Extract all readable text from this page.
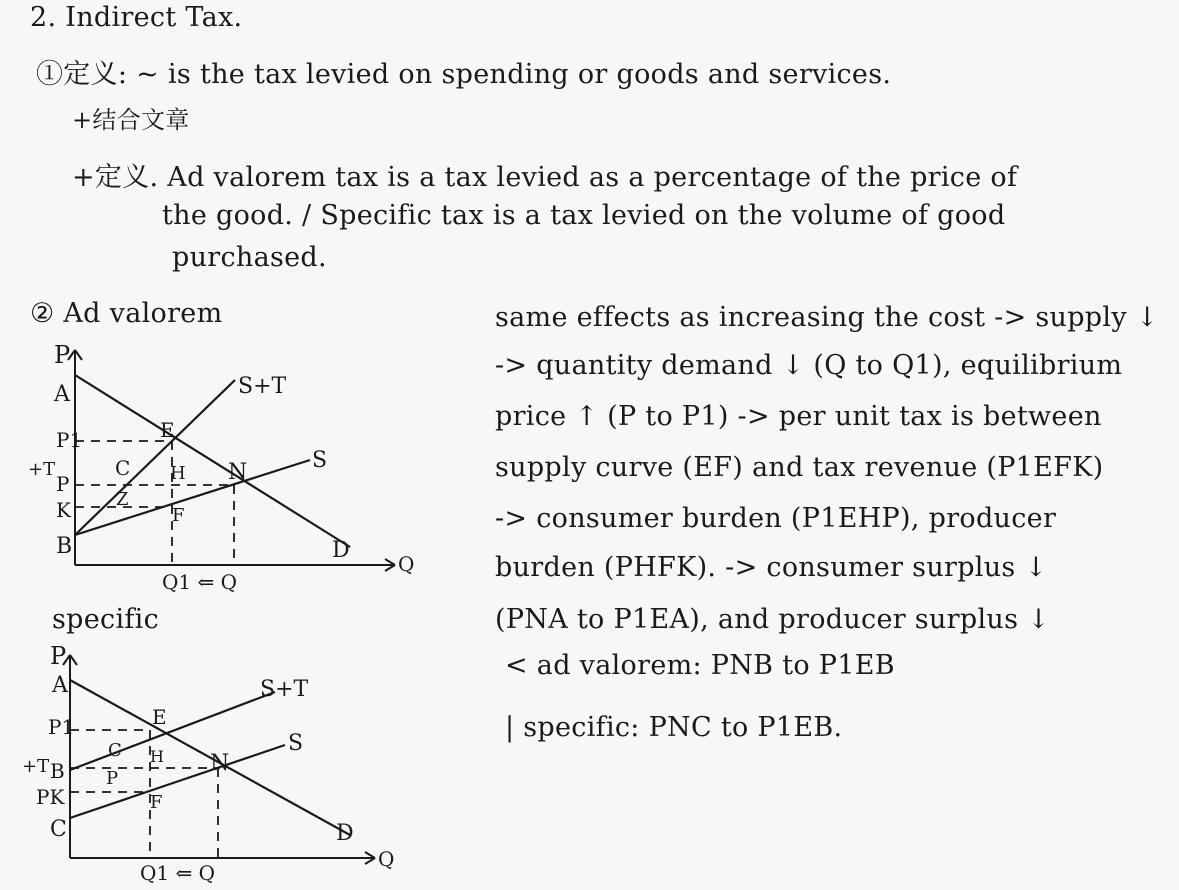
2. Indirect Tax.
①定义: ~ is the tax levied on spending or goods and services.
+结合文章
+定义. Ad valorem tax is a tax levied as a percentage of the price of
the good. / Specific tax is a tax levied on the volume of good
purchased.
② Ad valorem
specific
same effects as increasing the cost -> supply ↓
-> quantity demand ↓ (Q to Q1), equilibrium
price ↑ (P to P1) -> per unit tax is between
supply curve (EF) and tax revenue (P1EFK)
-> consumer burden (P1EHP), producer
burden (PHFK). -> consumer surplus ↓
(PNA to P1EA), and producer surplus ↓
< ad valorem: PNB to P1EB
| specific: PNC to P1EB.
P
Q
A
P1
+T
P
K
B
E
H N
F
C
Z
S+T
S
D
Q1 ⇐ Q
P
Q
A
P1
+T B
PK
C
E
H N
F
C
P
S+T
S
D
Q1 ⇐ Q
